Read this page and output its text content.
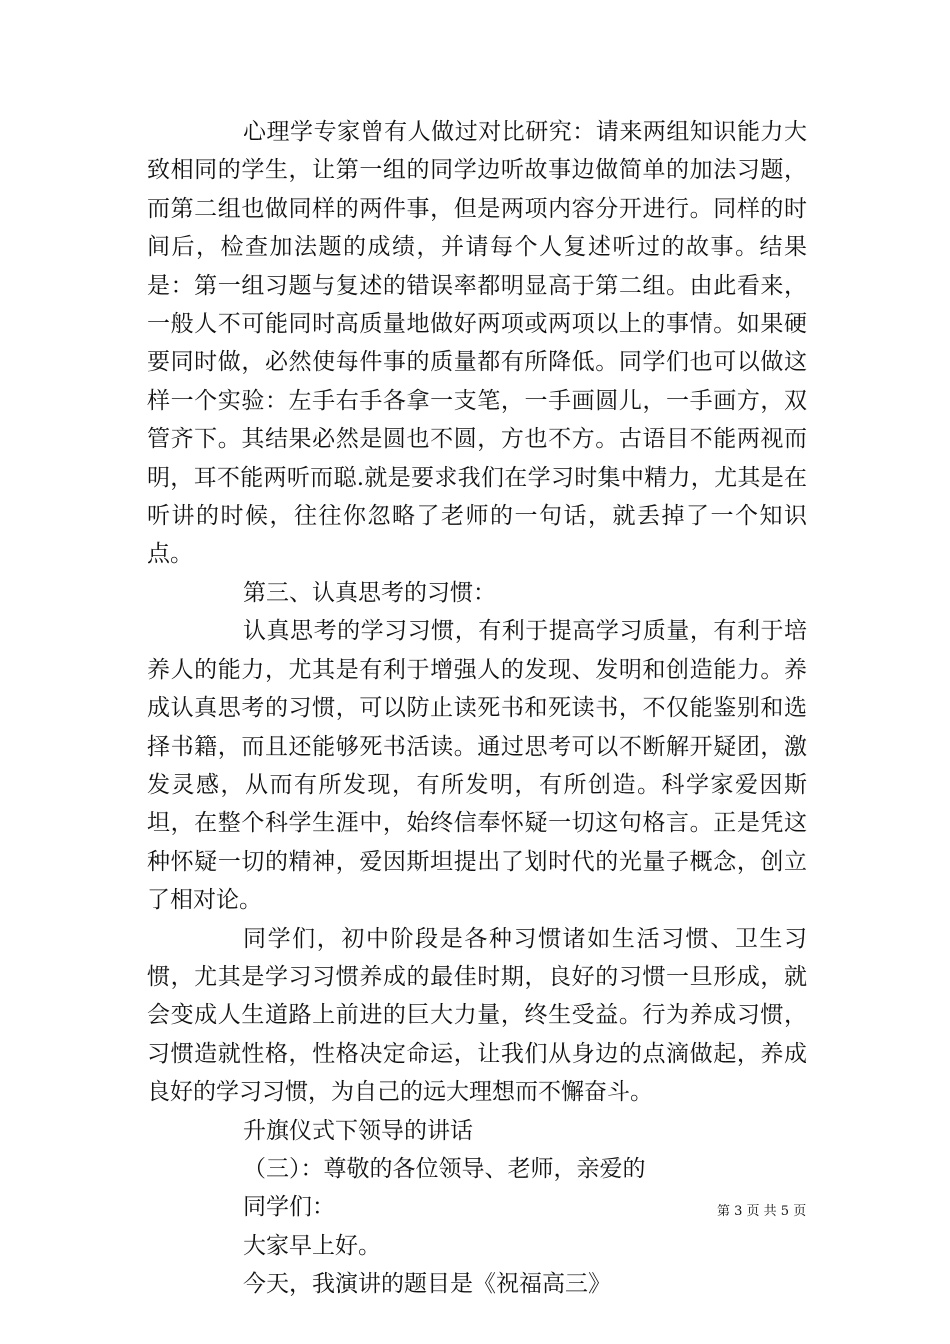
心理学专家曾有人做过对比研究：请来两组知识能力大致相同的学生，让第一组的同学边听故事边做简单的加法习题，而第二组也做同样的两件事，但是两项内容分开进行。同样的时间后，检查加法题的成绩，并请每个人复述听过的故事。结果是：第一组习题与复述的错误率都明显高于第二组。由此看来，一般人不可能同时高质量地做好两项或两项以上的事情。如果硬要同时做，必然使每件事的质量都有所降低。同学们也可以做这样一个实验：左手右手各拿一支笔，一手画圆儿，一手画方，双管齐下。其结果必然是圆也不圆，方也不方。古语目不能两视而明，耳不能两听而聪.就是要求我们在学习时集中精力，尤其是在听讲的时候，往往你忽略了老师的一句话，就丢掉了一个知识点。

第三、认真思考的习惯：

认真思考的学习习惯，有利于提高学习质量，有利于培养人的能力，尤其是有利于增强人的发现、发明和创造能力。养成认真思考的习惯，可以防止读死书和死读书，不仅能鉴别和选择书籍，而且还能够死书活读。通过思考可以不断解开疑团，激发灵感，从而有所发现，有所发明，有所创造。科学家爱因斯坦，在整个科学生涯中，始终信奉怀疑一切这句格言。正是凭这种怀疑一切的精神，爱因斯坦提出了划时代的光量子概念，创立了相对论。

同学们，初中阶段是各种习惯诸如生活习惯、卫生习惯，尤其是学习习惯养成的最佳时期，良好的习惯一旦形成，就会变成人生道路上前进的巨大力量，终生受益。行为养成习惯，习惯造就性格，性格决定命运，让我们从身边的点滴做起，养成良好的学习习惯，为自己的远大理想而不懈奋斗。

升旗仪式下领导的讲话

（三）：尊敬的各位领导、老师，亲爱的

同学们：

大家早上好。

今天，我演讲的题目是《祝福高三》

第 3 页 共 5 页
